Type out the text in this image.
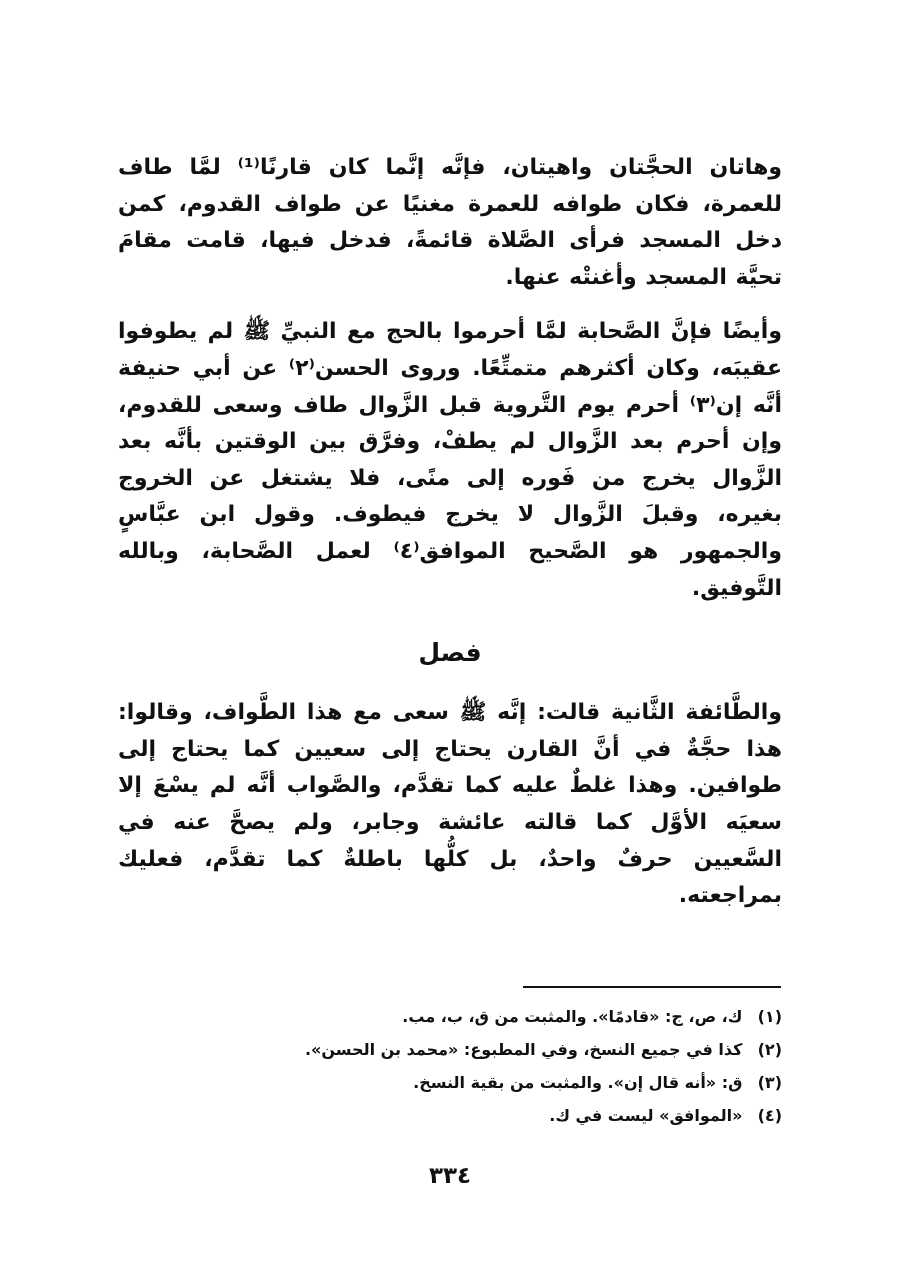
وهاتان الحجَّتان واهيتان، فإنَّه إنَّما كان قارنًا⁽¹⁾ لمَّا طاف للعمرة، فكان طوافه للعمرة مغنيًا عن طواف القدوم، كمن دخل المسجد فرأى الصَّلاة قائمةً، فدخل فيها، قامت مقامَ تحيَّة المسجد وأغنتْه عنها.

وأيضًا فإنَّ الصَّحابة لمَّا أحرموا بالحج مع النبيِّ ﷺ لم يطوفوا عقيبَه، وكان أكثرهم متمتِّعًا. وروى الحسن⁽٢⁾ عن أبي حنيفة أنَّه إن⁽٣⁾ أحرم يوم التَّروية قبل الزَّوال طاف وسعى للقدوم، وإن أحرم بعد الزَّوال لم يطفْ، وفرَّق بين الوقتين بأنَّه بعد الزَّوال يخرج من فَوره إلى منًى، فلا يشتغل عن الخروج بغيره، وقبلَ الزَّوال لا يخرج فيطوف. وقول ابن عبَّاسٍ والجمهور هو الصَّحيح الموافق⁽٤⁾ لعمل الصَّحابة، وبالله التَّوفيق.

فصل

والطَّائفة الثَّانية قالت: إنَّه ﷺ سعى مع هذا الطَّواف، وقالوا: هذا حجَّةٌ في أنَّ القارن يحتاج إلى سعيين كما يحتاج إلى طوافين. وهذا غلطٌ عليه كما تقدَّم، والصَّواب أنَّه لم يسْعَ إلا سعيَه الأوَّل كما قالته عائشة وجابر، ولم يصحَّ عنه في السَّعيين حرفٌ واحدٌ، بل كلُّها باطلةٌ كما تقدَّم، فعليك بمراجعته.

(١) ك، ص، ج: «قادمًا». والمثبت من ق، ب، مب.
(٢) كذا في جميع النسخ، وفي المطبوع: «محمد بن الحسن».
(٣) ق: «أنه قال إن». والمثبت من بقية النسخ.
(٤) «الموافق» ليست في ك.
٣٣٤
